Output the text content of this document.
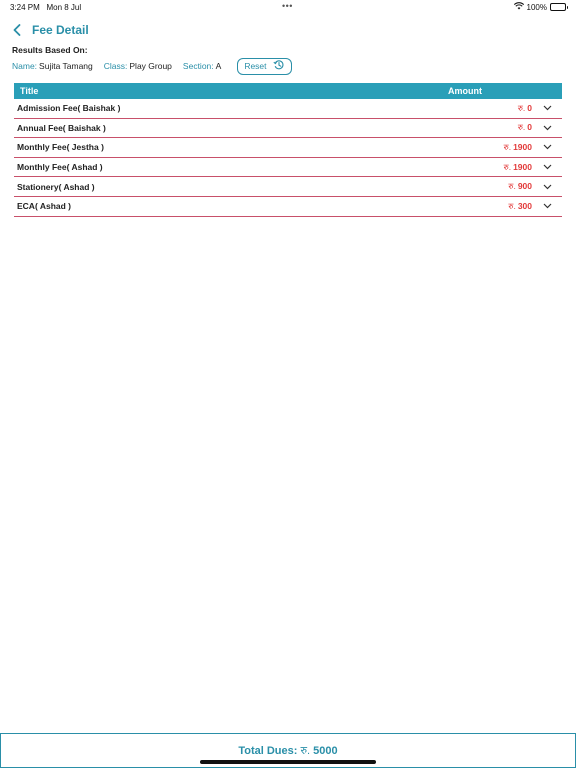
3:24 PM Mon 8 Jul	•••	100%
Fee Detail
Results Based On:
Name: Sujita Tamang Class: Play Group Section: A	Reset
Title	Amount
Admission Fee( Baishak )	रु. 0
Annual Fee( Baishak )	रु. 0
Monthly Fee( Jestha )	रु. 1900
Monthly Fee( Ashad )	रु. 1900
Stationery( Ashad )	रु. 900
ECA( Ashad )	रु. 300
Total Dues: रु. 5000
